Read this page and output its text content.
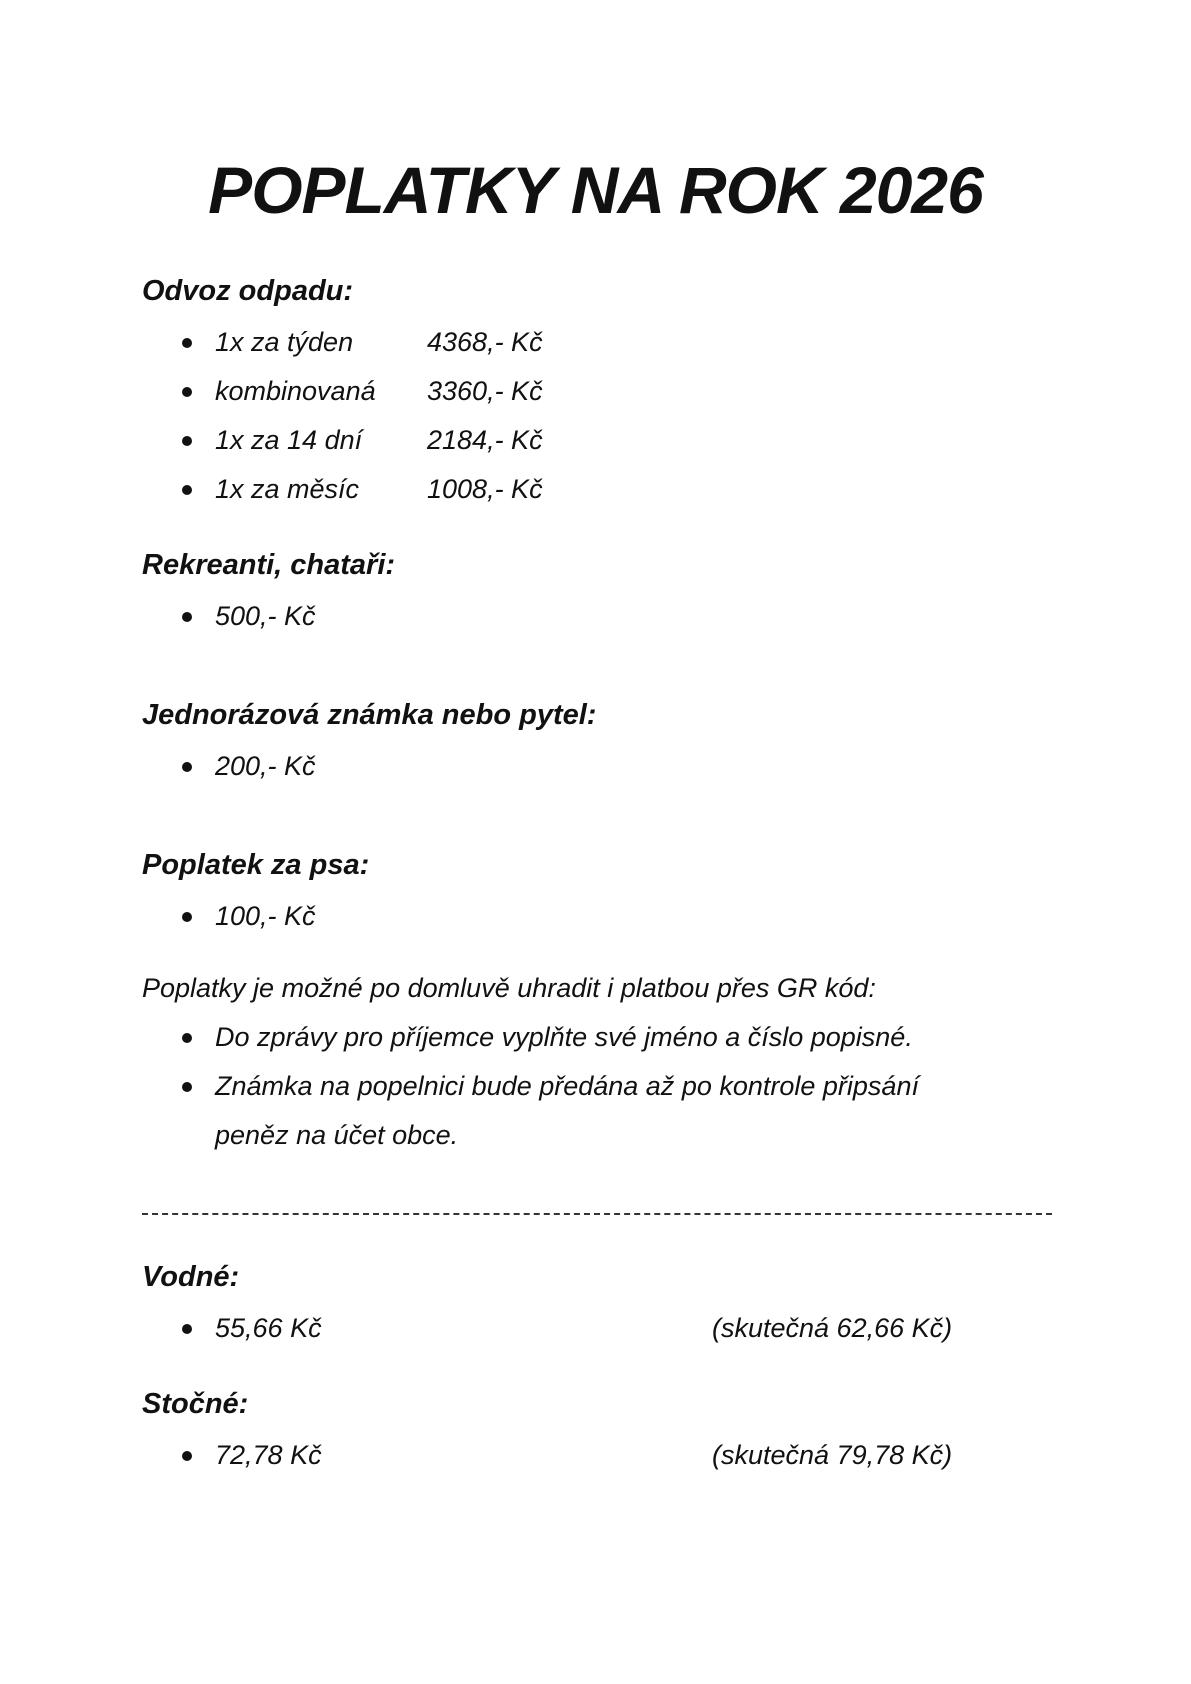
POPLATKY NA ROK 2026
Odvoz odpadu:
1x za týden	4368,- Kč
kombinovaná 3360,- Kč
1x za 14 dní 2184,- Kč
1x za měsíc	1008,- Kč
Rekreanti, chataři:
500,- Kč
Jednorázová známka nebo pytel:
200,- Kč
Poplatek za psa:
100,- Kč
Poplatky je možné po domluvě uhradit i platbou přes GR kód:
Do zprávy pro příjemce vyplňte své jméno a číslo popisné.
Známka na popelnici bude předána až po kontrole připsání
peněz na účet obce.
Vodné:
55,66 Kč	(skutečná 62,66 Kč)
Stočné:
72,78 Kč	(skutečná 79,78 Kč)
